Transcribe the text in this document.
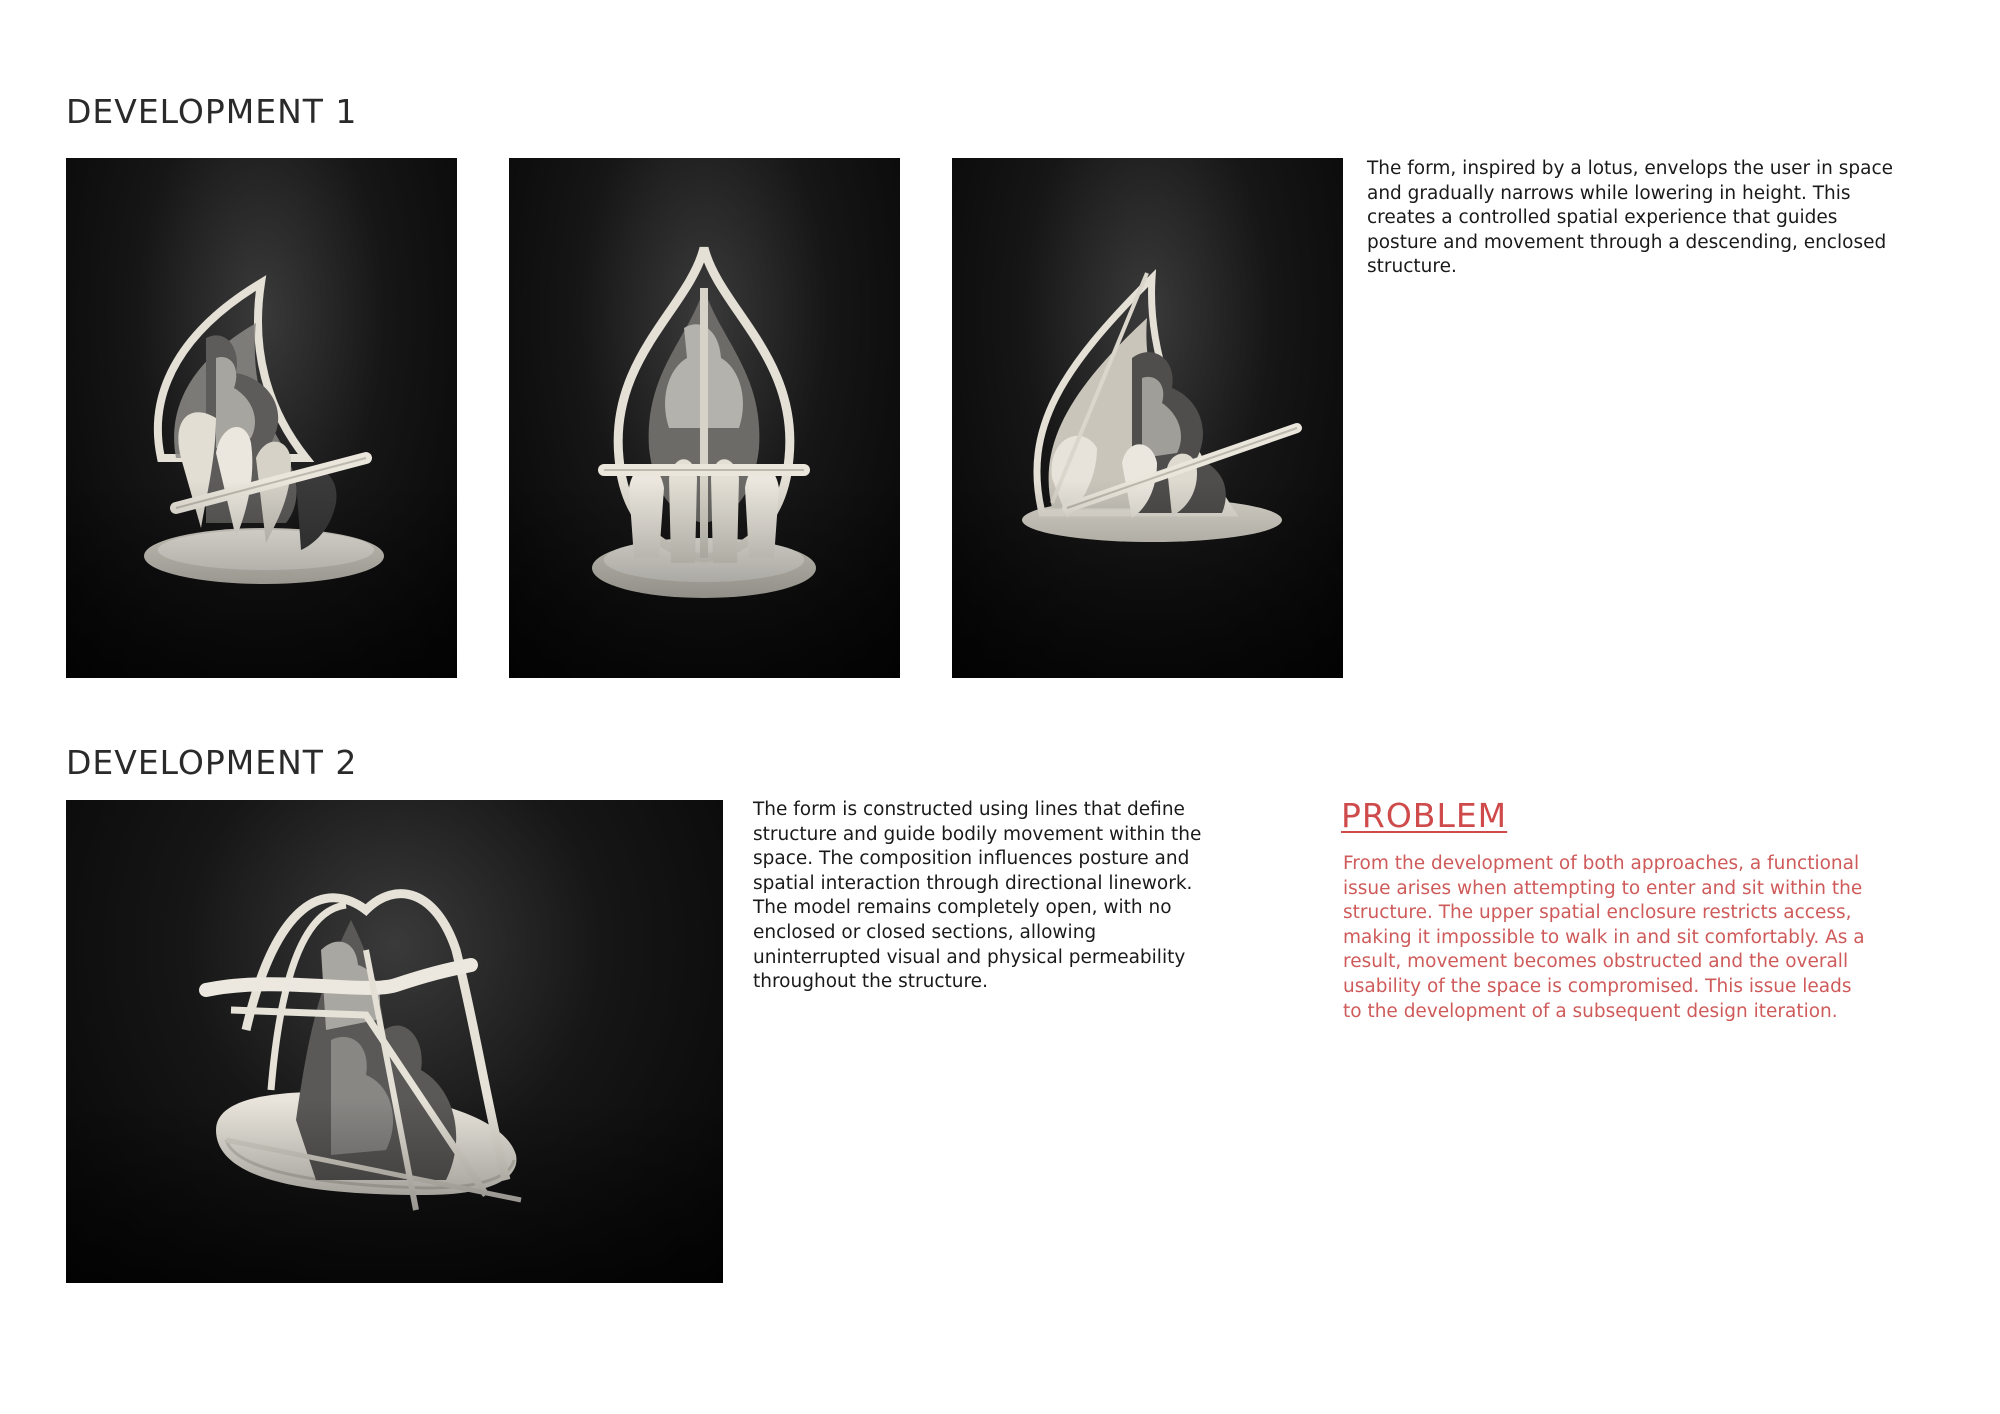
DEVELOPMENT 1

The form, inspired by a lotus, envelops the user in space and gradually narrows while lowering in height. This creates a controlled spatial experience that guides posture and movement through a descending, enclosed structure.

DEVELOPMENT 2

The form is constructed using lines that define structure and guide bodily movement within the space. The composition influences posture and spatial interaction through directional linework. The model remains completely open, with no enclosed or closed sections, allowing uninterrupted visual and physical permeability throughout the structure.

PROBLEM

From the development of both approaches, a functional issue arises when attempting to enter and sit within the structure. The upper spatial enclosure restricts access, making it impossible to walk in and sit comfortably. As a result, movement becomes obstructed and the overall usability of the space is compromised. This issue leads to the development of a subsequent design iteration.
